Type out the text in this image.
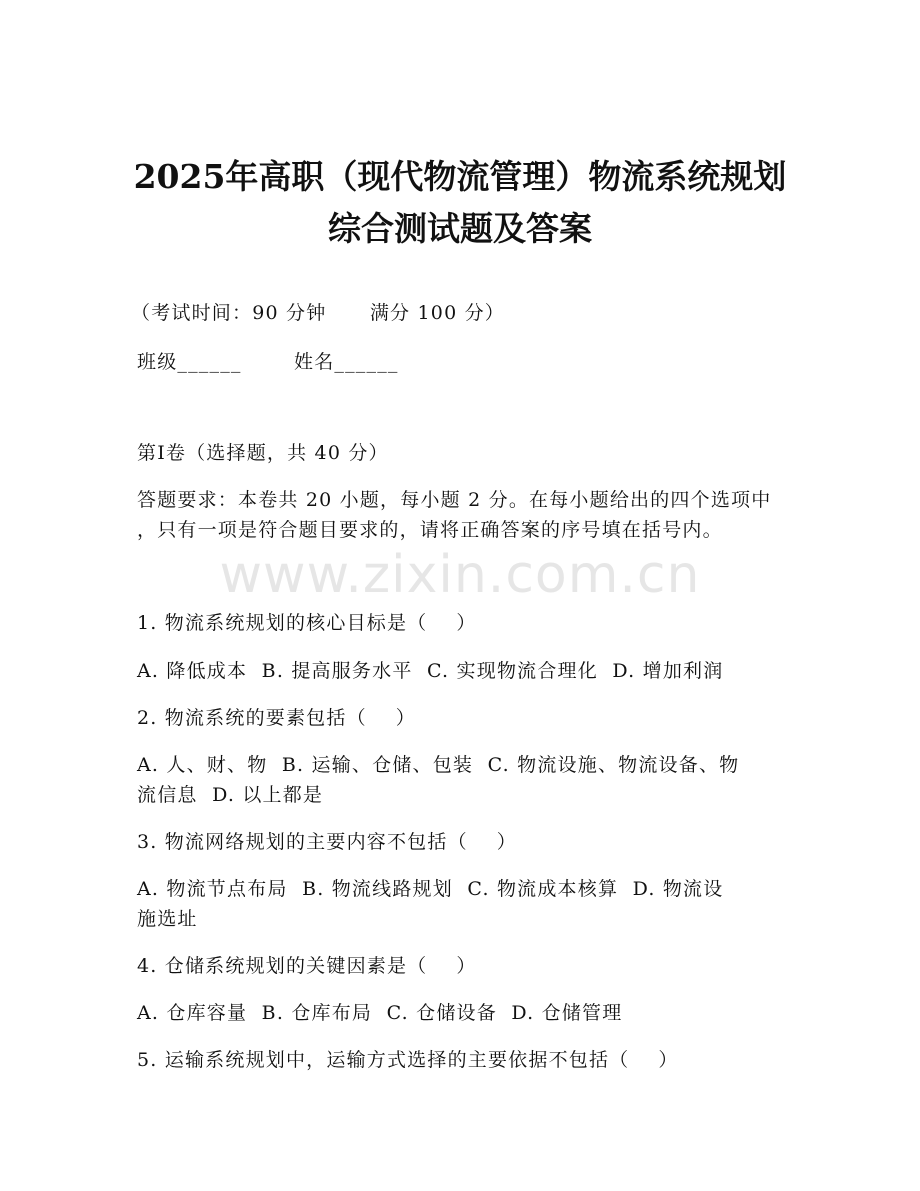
2025年高职（现代物流管理）物流系统规划
综合测试题及答案
（考试时间：90 分钟      满分 100 分）
班级______	姓名______
第Ⅰ卷（选择题，共 40 分）
答题要求：本卷共 20 小题，每小题 2 分。在每小题给出的四个选项中
，只有一项是符合题目要求的，请将正确答案的序号填在括号内。
www.zixin.com.cn
1. 物流系统规划的核心目标是（    ）
A. 降低成本  B. 提高服务水平  C. 实现物流合理化  D. 增加利润
2. 物流系统的要素包括（    ）
A. 人、财、物  B. 运输、仓储、包装  C. 物流设施、物流设备、物
流信息  D. 以上都是
3. 物流网络规划的主要内容不包括（    ）
A. 物流节点布局  B. 物流线路规划  C. 物流成本核算  D. 物流设
施选址
4. 仓储系统规划的关键因素是（    ）
A. 仓库容量  B. 仓库布局  C. 仓储设备  D. 仓储管理
5. 运输系统规划中，运输方式选择的主要依据不包括（    ）
